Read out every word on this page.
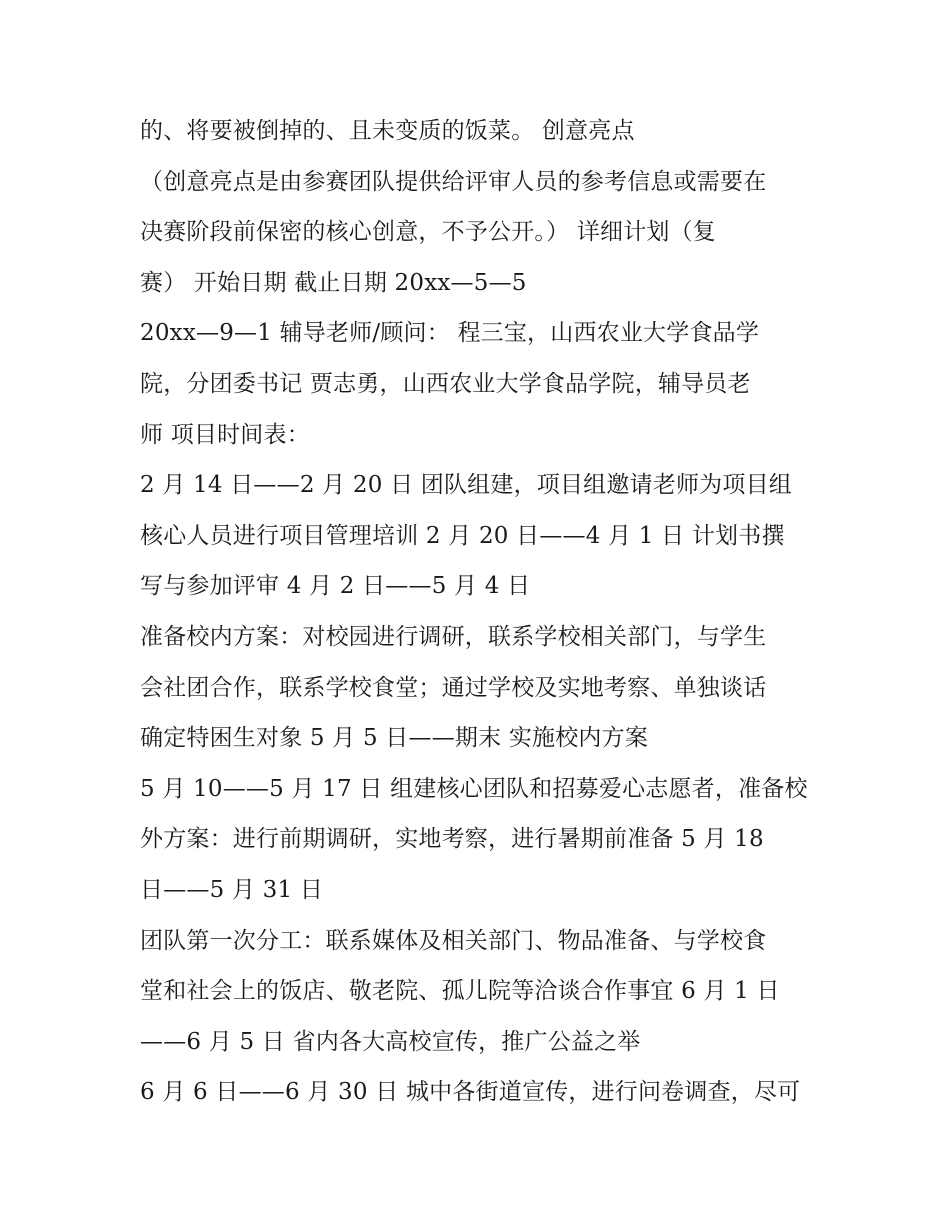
的、将要被倒掉的、且未变质的饭菜。 创意亮点
（创意亮点是由参赛团队提供给评审人员的参考信息或需要在
决赛阶段前保密的核心创意，不予公开。） 详细计划（复
赛） 开始日期 截止日期 20xx—5—5
20xx—9—1 辅导老师/顾问： 程三宝，山西农业大学食品学
院，分团委书记 贾志勇，山西农业大学食品学院，辅导员老
师 项目时间表：
2 月 14 日——2 月 20 日 团队组建，项目组邀请老师为项目组
核心人员进行项目管理培训 2 月 20 日——4 月 1 日 计划书撰
写与参加评审 4 月 2 日——5 月 4 日
准备校内方案：对校园进行调研，联系学校相关部门，与学生
会社团合作，联系学校食堂；通过学校及实地考察、单独谈话
确定特困生对象 5 月 5 日——期末 实施校内方案
5 月 10——5 月 17 日 组建核心团队和招募爱心志愿者，准备校
外方案：进行前期调研，实地考察，进行暑期前准备 5 月 18
日——5 月 31 日
团队第一次分工：联系媒体及相关部门、物品准备、与学校食
堂和社会上的饭店、敬老院、孤儿院等洽谈合作事宜 6 月 1 日
——6 月 5 日 省内各大高校宣传，推广公益之举
6 月 6 日——6 月 30 日 城中各街道宣传，进行问卷调查，尽可
